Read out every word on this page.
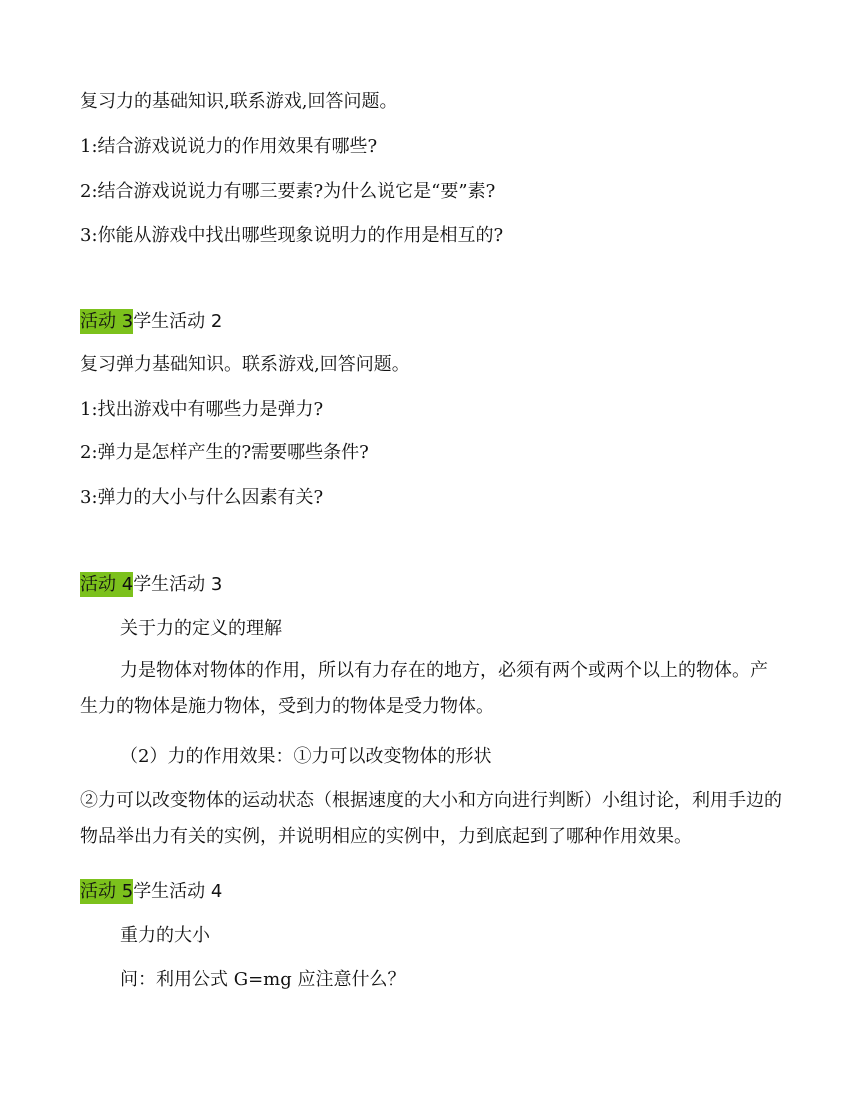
复习力的基础知识,联系游戏,回答问题。
1:结合游戏说说力的作用效果有哪些?
2:结合游戏说说力有哪三要素?为什么说它是“要”素?
3:你能从游戏中找出哪些现象说明力的作用是相互的?
活动 3学生活动 2
复习弹力基础知识。联系游戏,回答问题。
1:找出游戏中有哪些力是弹力?
2:弹力是怎样产生的?需要哪些条件?
3:弹力的大小与什么因素有关?
活动 4学生活动 3
关于力的定义的理解
力是物体对物体的作用，所以有力存在的地方，必须有两个或两个以上的物体。产生力的物体是施力物体，受到力的物体是受力物体。
（2）力的作用效果：①力可以改变物体的形状
②力可以改变物体的运动状态（根据速度的大小和方向进行判断）小组讨论，利用手边的物品举出力有关的实例，并说明相应的实例中，力到底起到了哪种作用效果。
活动 5学生活动 4
重力的大小
问：利用公式 G=mg 应注意什么？
